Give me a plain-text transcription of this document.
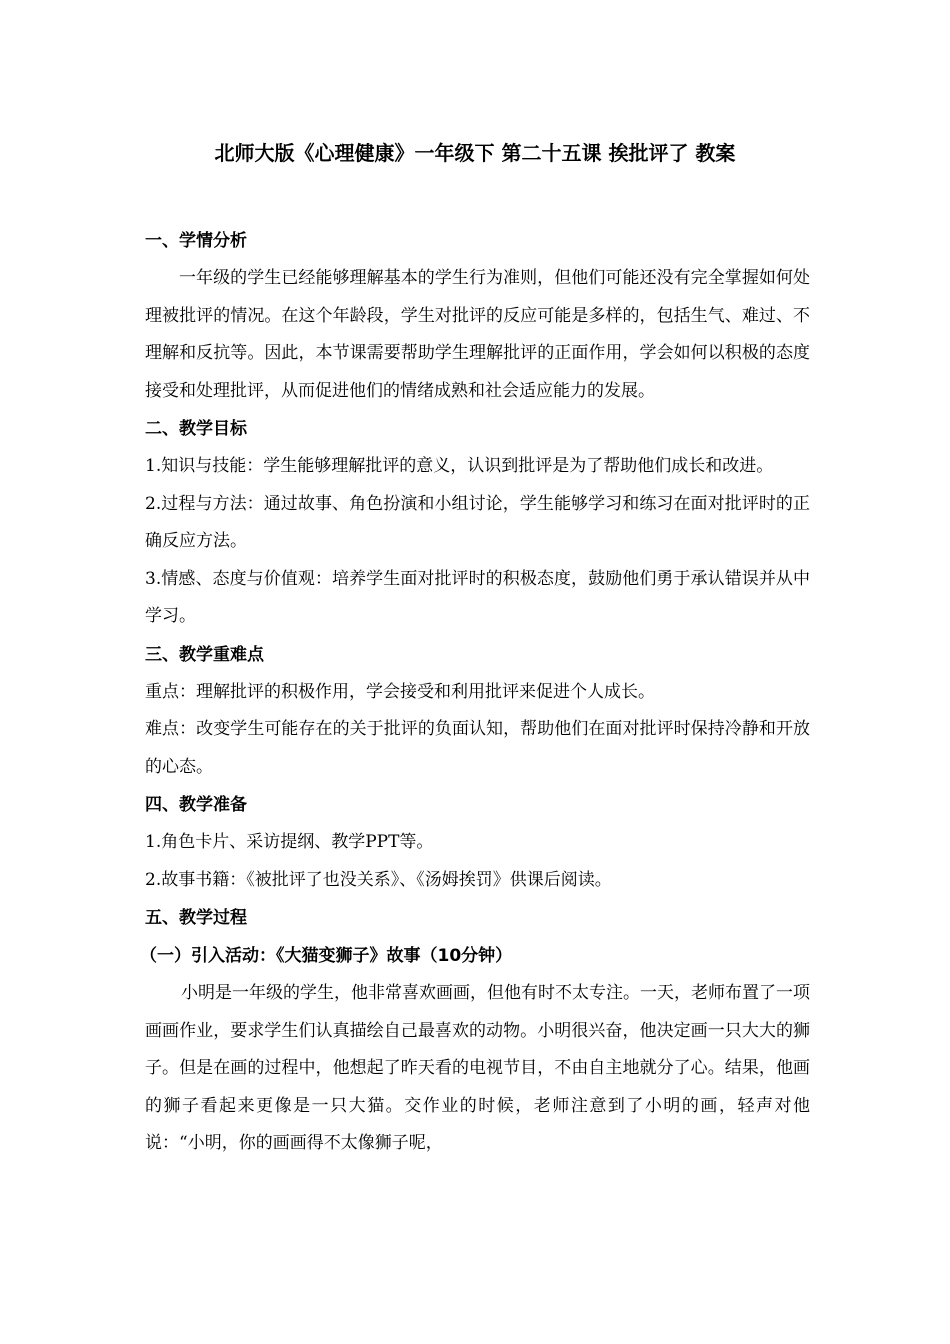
北师大版《心理健康》一年级下 第二十五课 挨批评了 教案
一、学情分析

一年级的学生已经能够理解基本的学生行为准则，但他们可能还没有完全掌握如何处理被批评的情况。在这个年龄段，学生对批评的反应可能是多样的，包括生气、难过、不理解和反抗等。因此，本节课需要帮助学生理解批评的正面作用，学会如何以积极的态度接受和处理批评，从而促进他们的情绪成熟和社会适应能力的发展。

二、教学目标

1.知识与技能：学生能够理解批评的意义，认识到批评是为了帮助他们成长和改进。

2.过程与方法：通过故事、角色扮演和小组讨论，学生能够学习和练习在面对批评时的正确反应方法。

3.情感、态度与价值观：培养学生面对批评时的积极态度，鼓励他们勇于承认错误并从中学习。

三、教学重难点

重点：理解批评的积极作用，学会接受和利用批评来促进个人成长。

难点：改变学生可能存在的关于批评的负面认知，帮助他们在面对批评时保持冷静和开放的心态。

四、教学准备

1.角色卡片、采访提纲、教学PPT等。

2.故事书籍：《被批评了也没关系》、《汤姆挨罚》供课后阅读。

五、教学过程
（一）引入活动：《大猫变狮子》故事（10分钟）

小明是一年级的学生，他非常喜欢画画，但他有时不太专注。一天，老师布置了一项画画作业，要求学生们认真描绘自己最喜欢的动物。小明很兴奋，他决定画一只大大的狮子。但是在画的过程中，他想起了昨天看的电视节目，不由自主地就分了心。结果，他画的狮子看起来更像是一只大猫。交作业的时候，老师注意到了小明的画，轻声对他说：“小明，你的画画得不太像狮子呢，
